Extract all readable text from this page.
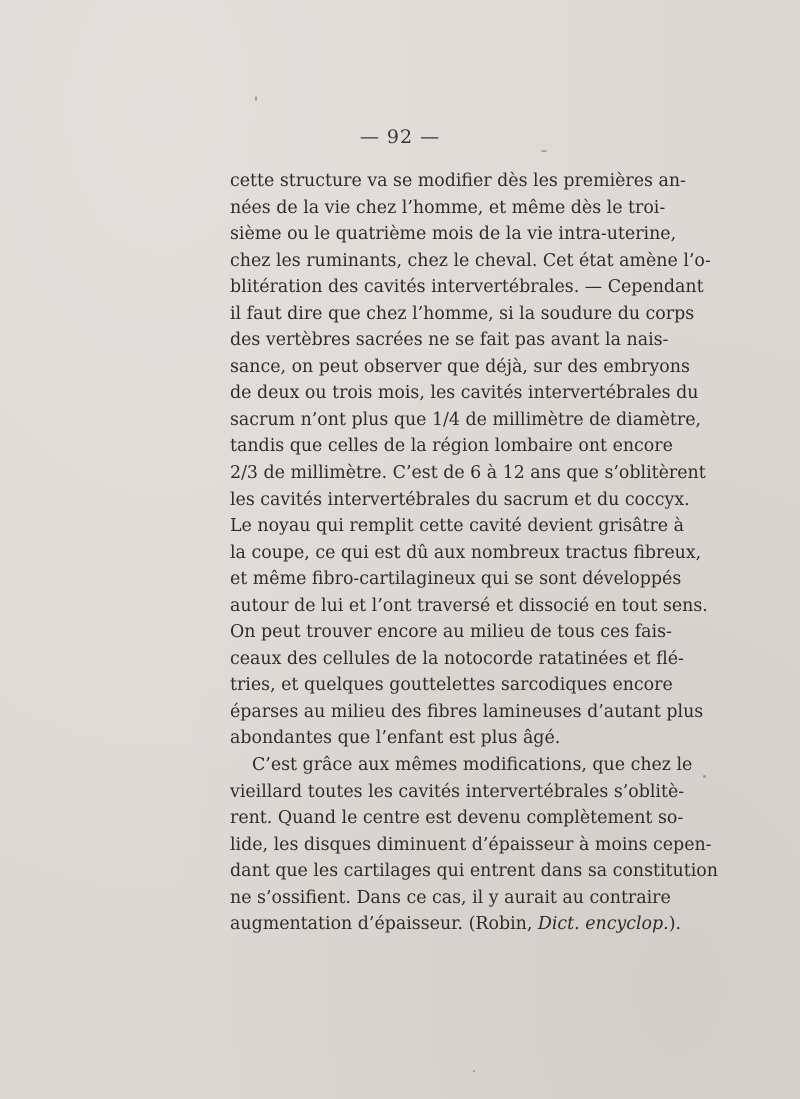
— 92 —
cette structure va se modifier dès les premières an-
nées de la vie chez l’homme, et même dès le troi-
sième ou le quatrième mois de la vie intra-uterine,
chez les ruminants, chez le cheval. Cet état amène l’o-
blitération des cavités intervertébrales. — Cependant
il faut dire que chez l’homme, si la soudure du corps
des vertèbres sacrées ne se fait pas avant la nais-
sance, on peut observer que déjà, sur des embryons
de deux ou trois mois, les cavités intervertébrales du
sacrum n’ont plus que 1/4 de millimètre de diamètre,
tandis que celles de la région lombaire ont encore
2/3 de millimètre. C’est de 6 à 12 ans que s’oblitèrent
les cavités intervertébrales du sacrum et du coccyx.
Le noyau qui remplit cette cavité devient grisâtre à
la coupe, ce qui est dû aux nombreux tractus fibreux,
et même fibro-cartilagineux qui se sont développés
autour de lui et l’ont traversé et dissocié en tout sens.
On peut trouver encore au milieu de tous ces fais-
ceaux des cellules de la notocorde ratatinées et flé-
tries, et quelques gouttelettes sarcodiques encore
éparses au milieu des fibres lamineuses d’autant plus
abondantes que l’enfant est plus âgé.
C’est grâce aux mêmes modifications, que chez le
vieillard toutes les cavités intervertébrales s’oblitè-
rent. Quand le centre est devenu complètement so-
lide, les disques diminuent d’épaisseur à moins cepen-
dant que les cartilages qui entrent dans sa constitution
ne s’ossifient. Dans ce cas, il y aurait au contraire
augmentation d’épaisseur. (Robin, Dict. encyclop.).
